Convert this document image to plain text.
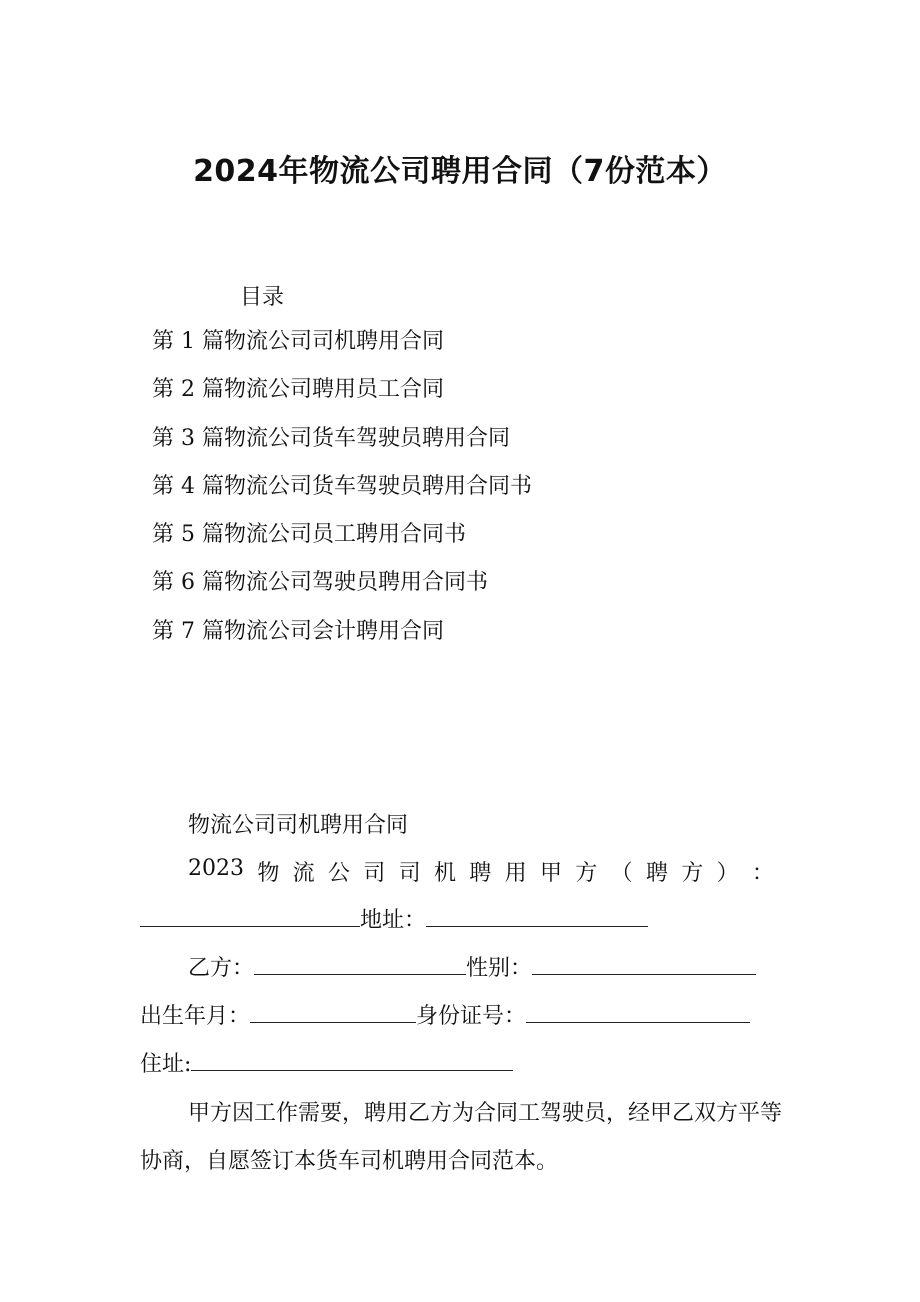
2024年物流公司聘用合同（7份范本）

目录

第 1 篇物流公司司机聘用合同
第 2 篇物流公司聘用员工合同
第 3 篇物流公司货车驾驶员聘用合同
第 4 篇物流公司货车驾驶员聘用合同书
第 5 篇物流公司员工聘用合同书
第 6 篇物流公司驾驶员聘用合同书
第 7 篇物流公司会计聘用合同

物流公司司机聘用合同

2023 物 流 公 司 司 机 聘 用 甲 方 （ 聘 方 ） ：
地址：
乙方：	性别：
出生年月：	身份证号：
住址:

甲方因工作需要，聘用乙方为合同工驾驶员，经甲乙双方平等协商，自愿签订本货车司机聘用合同范本。
